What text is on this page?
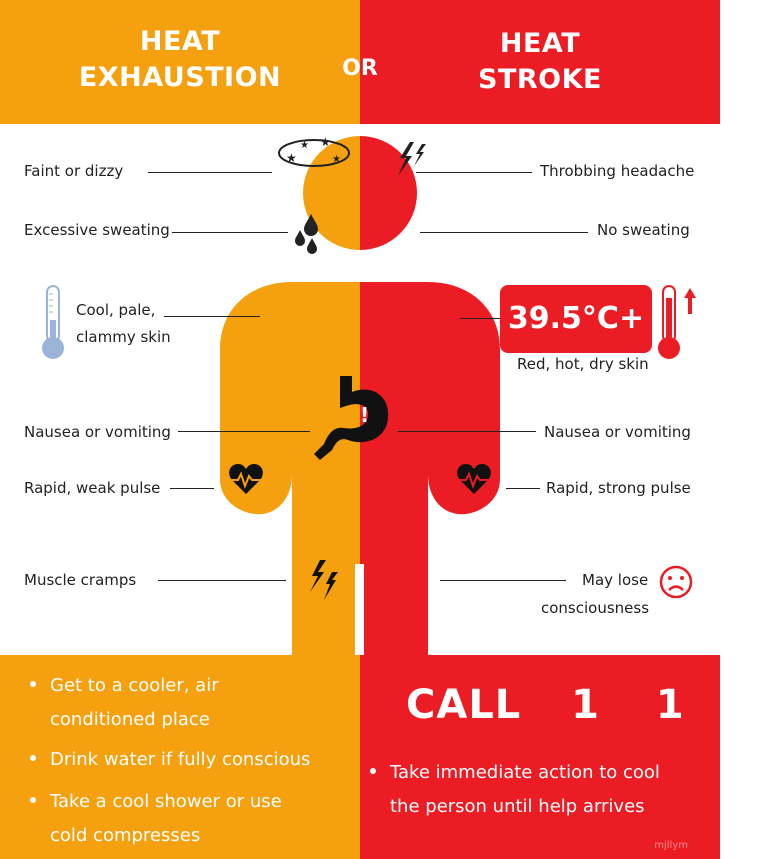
HEAT
EXHAUSTION
HEAT
STROKE
OR
★
★ ★
★
!
39.5°C+
Faint or dizzy
Excessive sweating
Cool, pale,
clammy skin
Nausea or vomiting
Rapid, weak pulse
Muscle cramps
Throbbing headache
No sweating
Red, hot, dry skin
Nausea or vomiting
Rapid, strong pulse
May lose
consciousness
Get to a cooler, air
conditioned place
Drink water if fully conscious
Take a cool shower or use
cold compresses
CALL 1 1 2
Take immediate action to cool
the person until help arrives
mjllym
